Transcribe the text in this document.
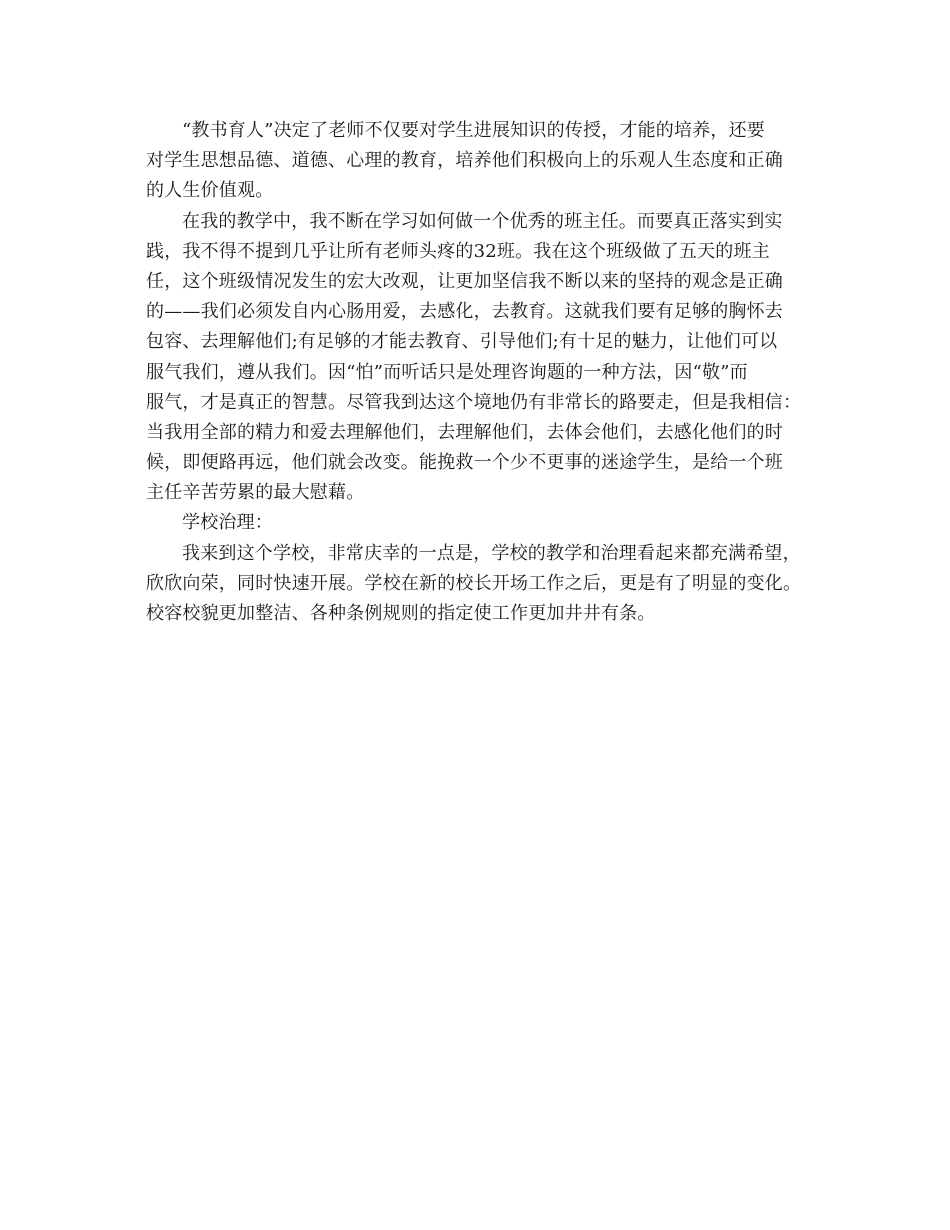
“教书育人”决定了老师不仅要对学生进展知识的传授，才能的培养，还要
对学生思想品德、道德、心理的教育，培养他们积极向上的乐观人生态度和正确
的人生价值观。
在我的教学中，我不断在学习如何做一个优秀的班主任。而要真正落实到实
践，我不得不提到几乎让所有老师头疼的32班。我在这个班级做了五天的班主
任，这个班级情况发生的宏大改观，让更加坚信我不断以来的坚持的观念是正确
的——我们必须发自内心肠用爱，去感化，去教育。这就我们要有足够的胸怀去
包容、去理解他们;有足够的才能去教育、引导他们;有十足的魅力，让他们可以
服气我们，遵从我们。因“怕”而听话只是处理咨询题的一种方法，因“敬”而
服气，才是真正的智慧。尽管我到达这个境地仍有非常长的路要走，但是我相信：
当我用全部的精力和爱去理解他们，去理解他们，去体会他们，去感化他们的时
候，即便路再远，他们就会改变。能挽救一个少不更事的迷途学生，是给一个班
主任辛苦劳累的最大慰藉。
学校治理：
我来到这个学校，非常庆幸的一点是，学校的教学和治理看起来都充满希望，
欣欣向荣，同时快速开展。学校在新的校长开场工作之后，更是有了明显的变化。
校容校貌更加整洁、各种条例规则的指定使工作更加井井有条。
